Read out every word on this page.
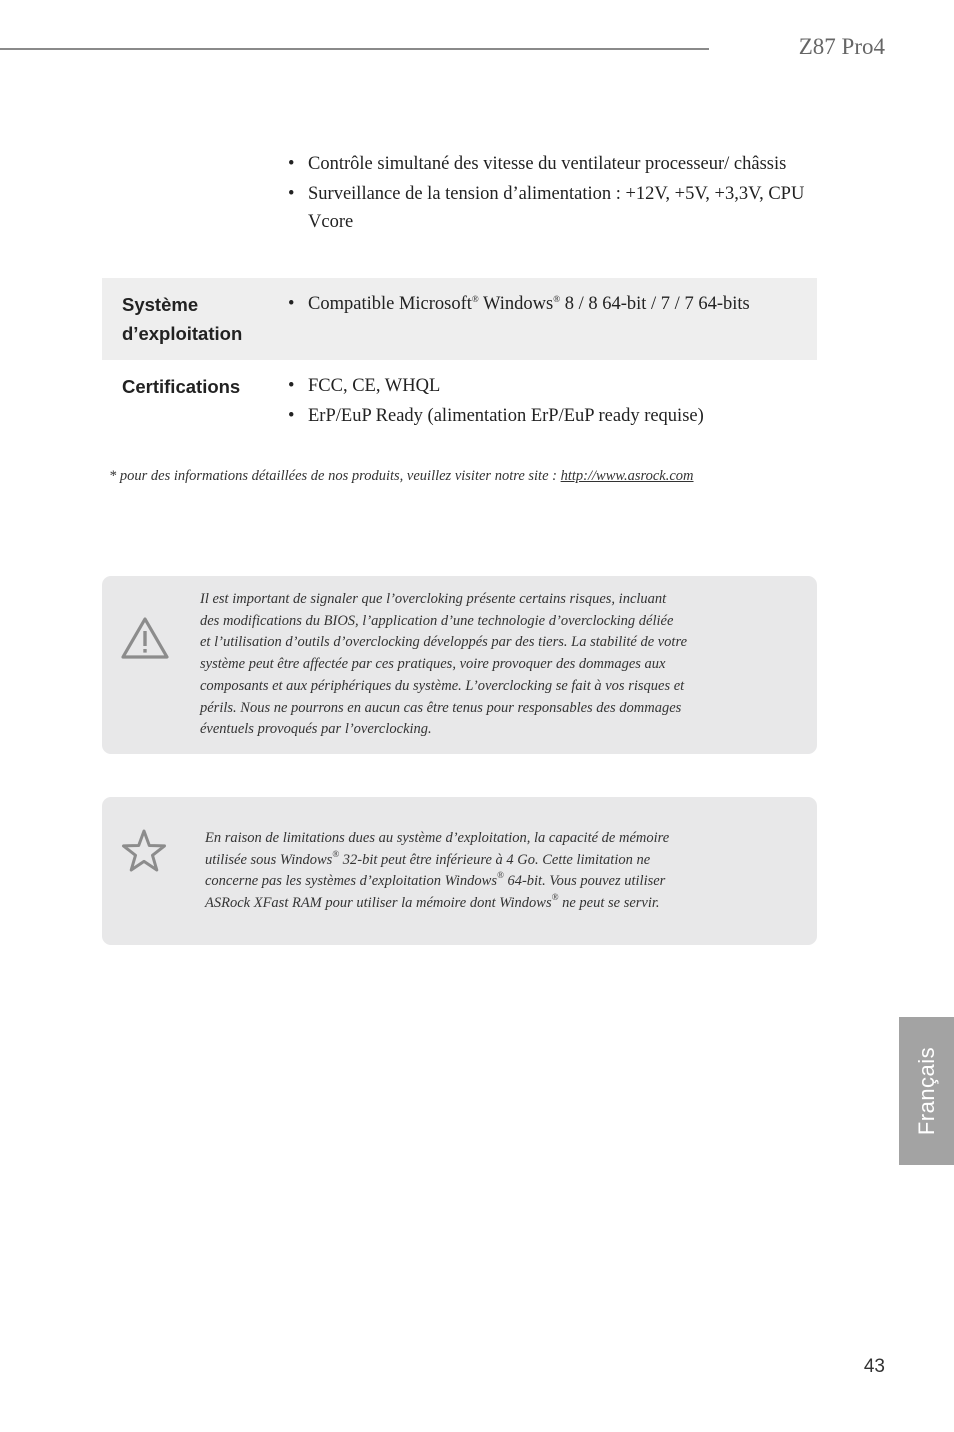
Z87 Pro4
• Contrôle simultané des vitesse du ventilateur processeur/ châssis
• Surveillance de la tension d’alimentation : +12V, +5V, +3,3V, CPU Vcore
Système d’exploitation
• Compatible Microsoft® Windows® 8 / 8 64-bit / 7 / 7 64-bits
Certifications
•	FCC, CE, WHQL
• ErP/EuP Ready (alimentation ErP/EuP ready requise)
* pour des informations détaillées de nos produits, veuillez visiter notre site : http://www.asrock.com
Il est important de signaler que l’overcloking présente certains risques, incluant
des modifications du BIOS, l’application d’une technologie d’overclocking déliée
et l’utilisation d’outils d’overclocking développés par des tiers. La stabilité de votre
système peut être affectée par ces pratiques, voire provoquer des dommages aux
composants et aux périphériques du système. L’overclocking se fait à vos risques et
périls. Nous ne pourrons en aucun cas être tenus pour responsables des dommages
éventuels provoqués par l’overclocking.
En raison de limitations dues au système d’exploitation, la capacité de mémoire
utilisée sous Windows® 32-bit peut être inférieure à 4 Go. Cette limitation ne
concerne pas les systèmes d’exploitation Windows® 64-bit. Vous pouvez utiliser
ASRock XFast RAM pour utiliser la mémoire dont Windows® ne peut se servir.
Français
43
